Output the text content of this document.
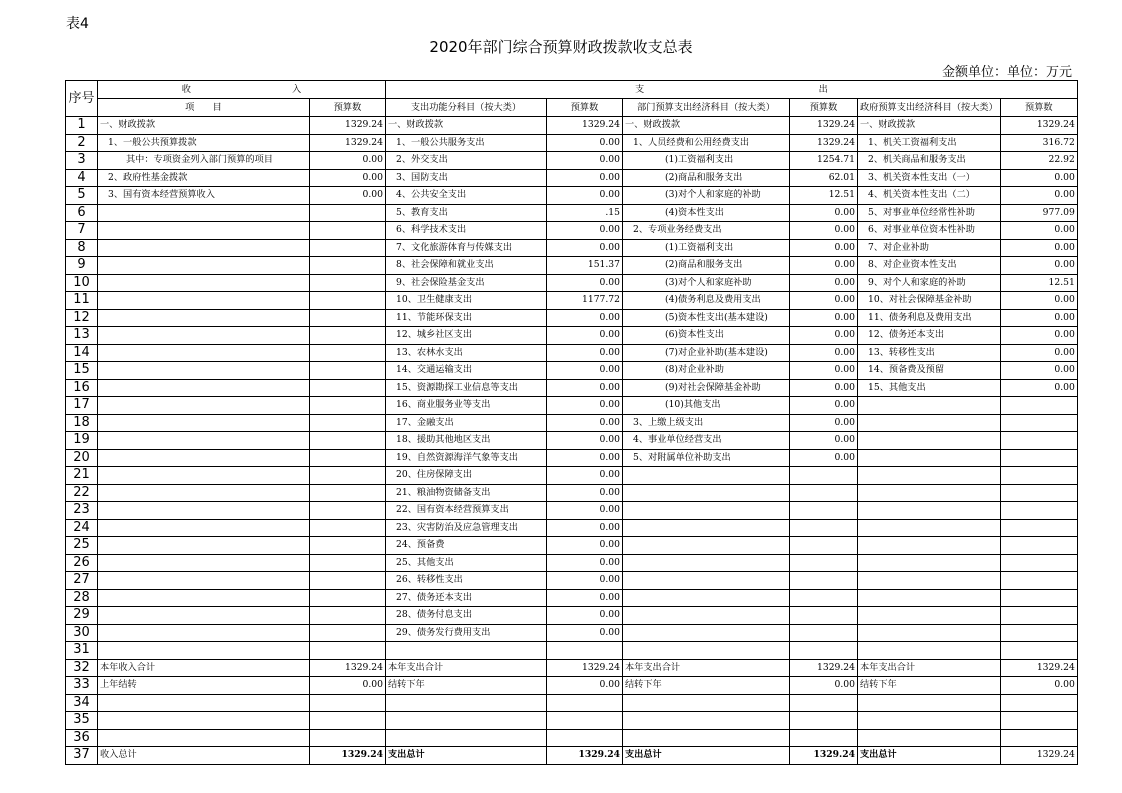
表4
2020年部门综合预算财政拨款收支总表
金额单位：单位：万元
序号	收　　　　　　　　　　　入		支　　　　　　　　　　　　　　　　　　　出					
	项　　目	预算数	支出功能分科目（按大类）	预算数	部门预算支出经济科目（按大类）	预算数	政府预算支出经济科目（按大类）	预算数
1	一、财政拨款	1329.24	一、财政拨款	1329.24	一、财政拨款	1329.24	一、财政拨款	1329.24
2	1、一般公共预算拨款	1329.24	1、一般公共服务支出	0.00	1、人员经费和公用经费支出	1329.24	1、机关工资福利支出	316.72
3	其中：专项资金列入部门预算的项目	0.00	2、外交支出	0.00	(1)工资福利支出	1254.71	2、机关商品和服务支出	22.92
4	2、政府性基金拨款	0.00	3、国防支出	0.00	(2)商品和服务支出	62.01	3、机关资本性支出（一）	0.00
5	3、国有资本经营预算收入	0.00	4、公共安全支出	0.00	(3)对个人和家庭的补助	12.51	4、机关资本性支出（二）	0.00
6			5、教育支出	.15	(4)资本性支出	0.00	5、对事业单位经常性补助	977.09
7			6、科学技术支出	0.00	2、专项业务经费支出	0.00	6、对事业单位资本性补助	0.00
8			7、文化旅游体育与传媒支出	0.00	(1)工资福利支出	0.00	7、对企业补助	0.00
9			8、社会保障和就业支出	151.37	(2)商品和服务支出	0.00	8、对企业资本性支出	0.00
10			9、社会保险基金支出	0.00	(3)对个人和家庭补助	0.00	9、对个人和家庭的补助	12.51
11			10、卫生健康支出	1177.72	(4)债务利息及费用支出	0.00	10、对社会保障基金补助	0.00
12			11、节能环保支出	0.00	(5)资本性支出(基本建设)	0.00	11、债务利息及费用支出	0.00
13			12、城乡社区支出	0.00	(6)资本性支出	0.00	12、债务还本支出	0.00
14			13、农林水支出	0.00	(7)对企业补助(基本建设)	0.00	13、转移性支出	0.00
15			14、交通运输支出	0.00	(8)对企业补助	0.00	14、预备费及预留	0.00
16			15、资源勘探工业信息等支出	0.00	(9)对社会保障基金补助	0.00	15、其他支出	0.00
17			16、商业服务业等支出	0.00	(10)其他支出	0.00		
18			17、金融支出	0.00	3、上缴上级支出	0.00		
19			18、援助其他地区支出	0.00	4、事业单位经营支出	0.00		
20			19、自然资源海洋气象等支出	0.00	5、对附属单位补助支出	0.00		
21			20、住房保障支出	0.00				
22			21、粮油物资储备支出	0.00				
23			22、国有资本经营预算支出	0.00				
24			23、灾害防治及应急管理支出	0.00				
25			24、预备费	0.00				
26			25、其他支出	0.00				
27			26、转移性支出	0.00				
28			27、债务还本支出	0.00				
29			28、债务付息支出	0.00				
30			29、债务发行费用支出	0.00				
31								
32	本年收入合计	1329.24	本年支出合计	1329.24	本年支出合计	1329.24	本年支出合计	1329.24
33	上年结转	0.00	结转下年	0.00	结转下年	0.00	结转下年	0.00
34								
35								
36								
37	收入总计	1329.24	支出总计	1329.24	支出总计	1329.24	支出总计	1329.24
